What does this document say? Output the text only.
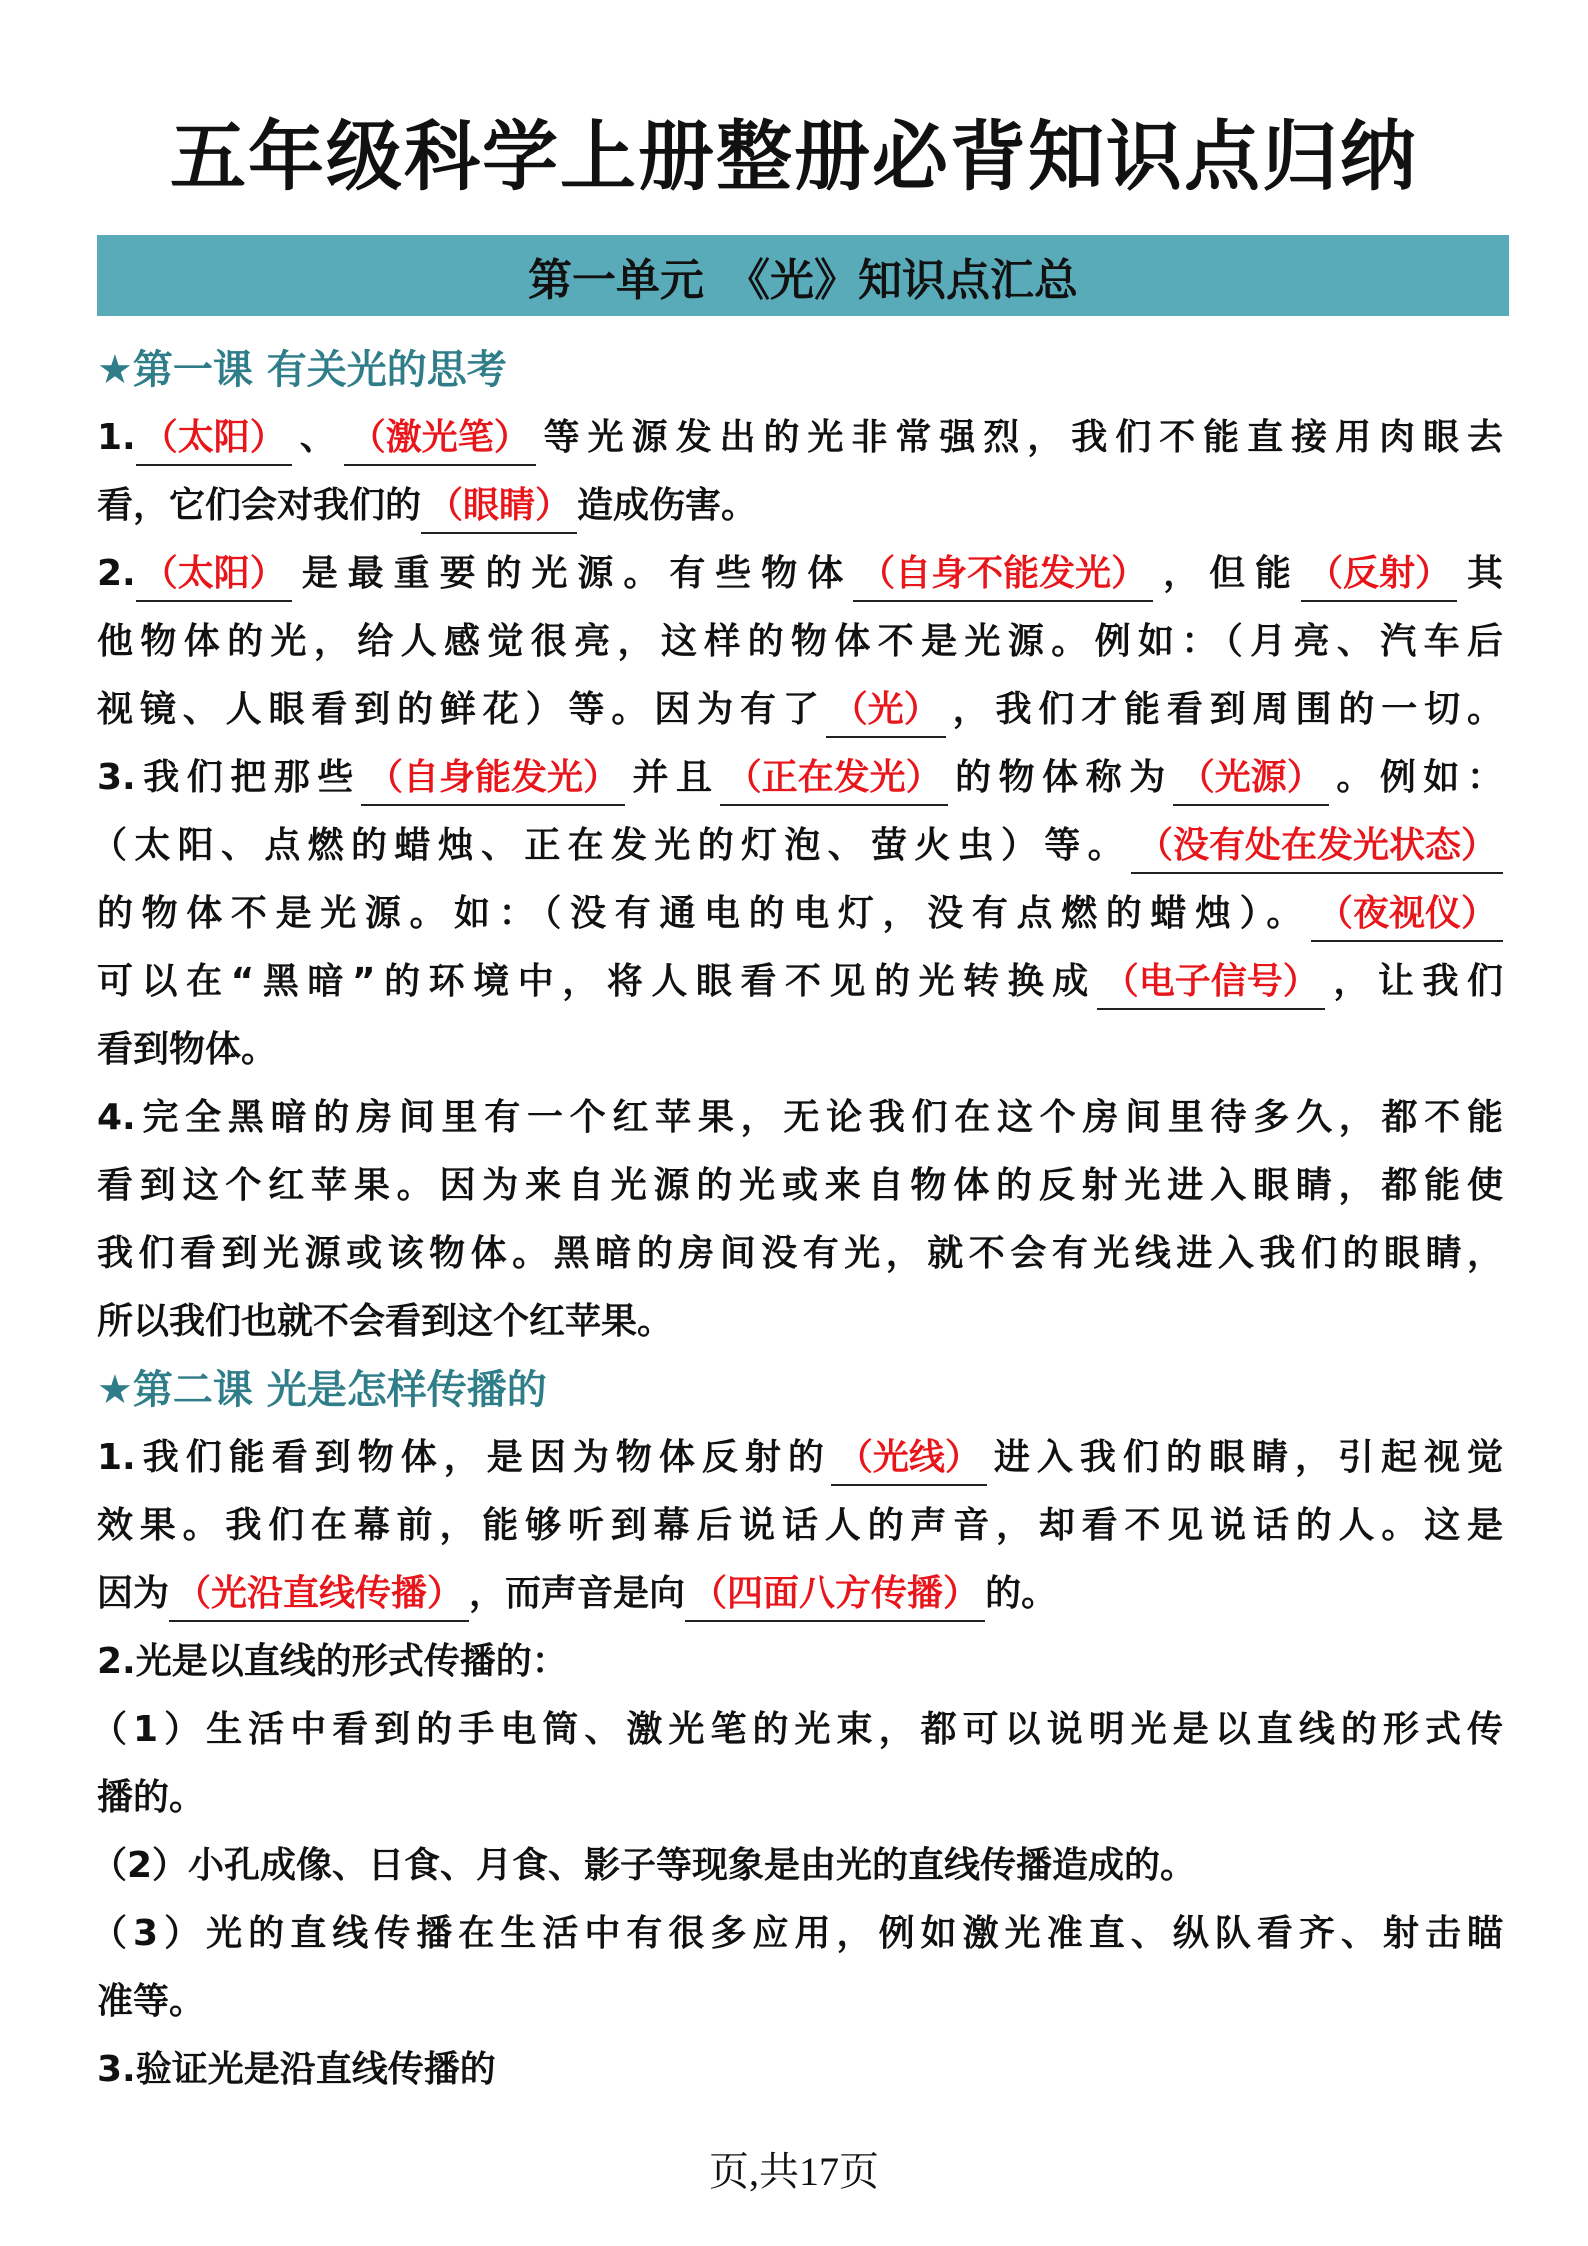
五年级科学上册整册必背知识点归纳
第一单元　《光》知识点汇总
★第一课 有关光的思考
1. （太阳） 、 （激光笔） 等光源发出的光非常强烈，我们不能直接用肉眼去
看，它们会对我们的 （眼睛） 造成伤害。
2. （太阳） 是最重要的光源。有些物体 （自身不能发光） ，但能 （反射） 其
他物体的光，给人感觉很亮，这样的物体不是光源。例如：（月亮、汽车后
视镜、人眼看到的鲜花）等。因为有了 （光） ，我们才能看到周围的一切。
3.我们把那些 （自身能发光） 并且 （正在发光） 的物体称为 （光源） 。例如：
（太阳、点燃的蜡烛、正在发光的灯泡、萤火虫）等。 （没有处在发光状态）
的物体不是光源。如：（没有通电的电灯，没有点燃的蜡烛）。 （夜视仪）
可以在“黑暗”的环境中，将人眼看不见的光转换成 （电子信号） ，让我们
看到物体。
4.完全黑暗的房间里有一个红苹果，无论我们在这个房间里待多久，都不能
看到这个红苹果。因为来自光源的光或来自物体的反射光进入眼睛，都能使
我们看到光源或该物体。黑暗的房间没有光，就不会有光线进入我们的眼睛，
所以我们也就不会看到这个红苹果。
★第二课 光是怎样传播的
1.我们能看到物体，是因为物体反射的 （光线） 进入我们的眼睛，引起视觉
效果。我们在幕前，能够听到幕后说话人的声音，却看不见说话的人。这是
因为 （光沿直线传播） ，而声音是向 （四面八方传播） 的。
2.光是以直线的形式传播的：
（1）生活中看到的手电筒、激光笔的光束，都可以说明光是以直线的形式传
播的。
（2）小孔成像、日食、月食、影子等现象是由光的直线传播造成的。
（3）光的直线传播在生活中有很多应用，例如激光准直、纵队看齐、射击瞄
准等。
3.验证光是沿直线传播的
页,共17页
